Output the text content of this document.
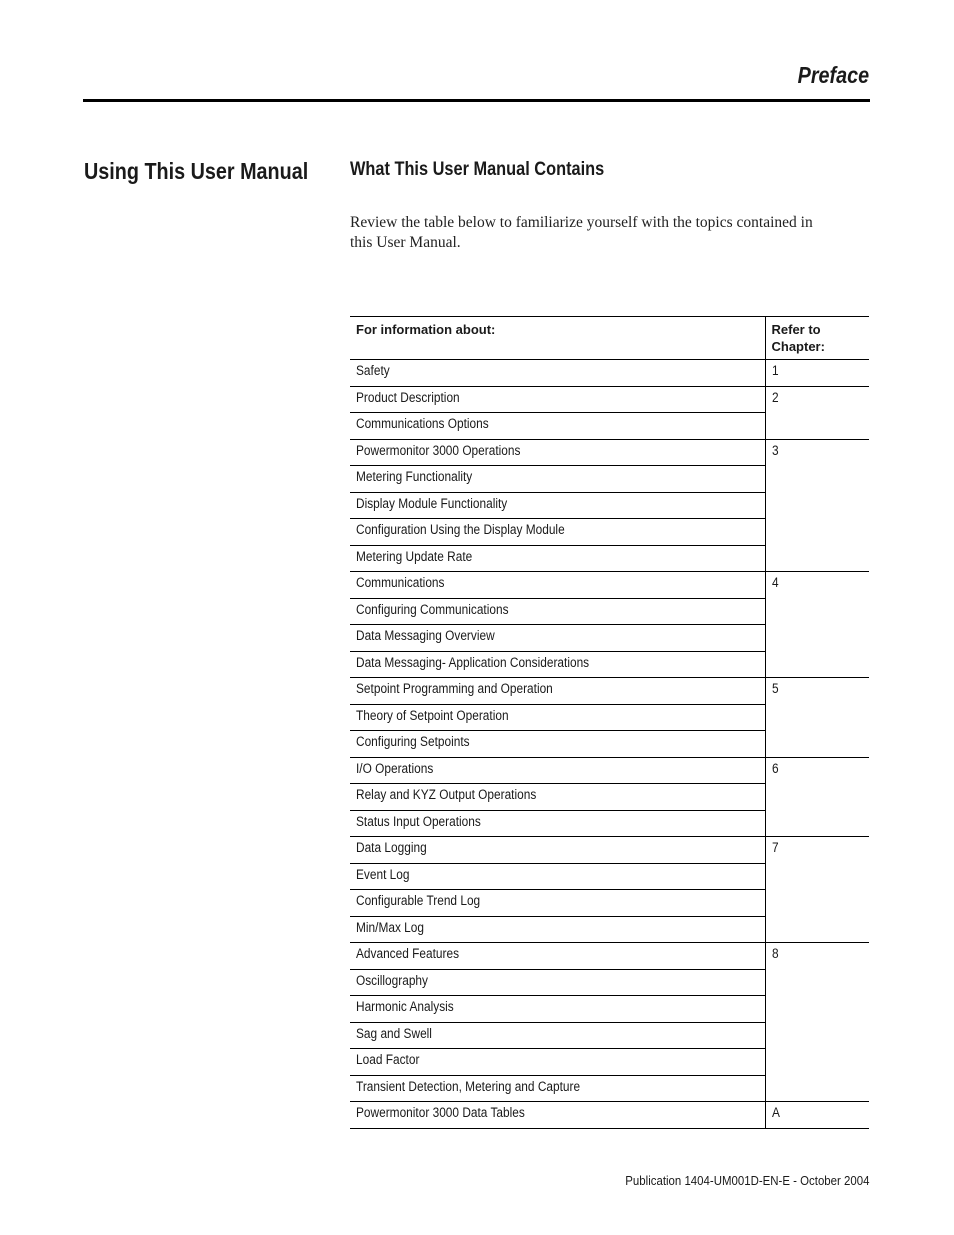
Preface
Using This User Manual What This User Manual Contains
Review the table below to familiarize yourself with the topics contained in this User Manual.
For information about:	Refer to Chapter:
Safety	1
Product Description	2
Communications Options	
Powermonitor 3000 Operations	3
Metering Functionality	
Display Module Functionality	
Configuration Using the Display Module	
Metering Update Rate	
Communications	4
Configuring Communications	
Data Messaging Overview	
Data Messaging- Application Considerations	
Setpoint Programming and Operation	5
Theory of Setpoint Operation	
Configuring Setpoints	
I/O Operations	6
Relay and KYZ Output Operations	
Status Input Operations	
Data Logging	7
Event Log	
Configurable Trend Log	
Min/Max Log	
Advanced Features	8
Oscillography	
Harmonic Analysis	
Sag and Swell	
Load Factor	
Transient Detection, Metering and Capture	
Powermonitor 3000 Data Tables	A
Publication 1404-UM001D-EN-E - October 2004
